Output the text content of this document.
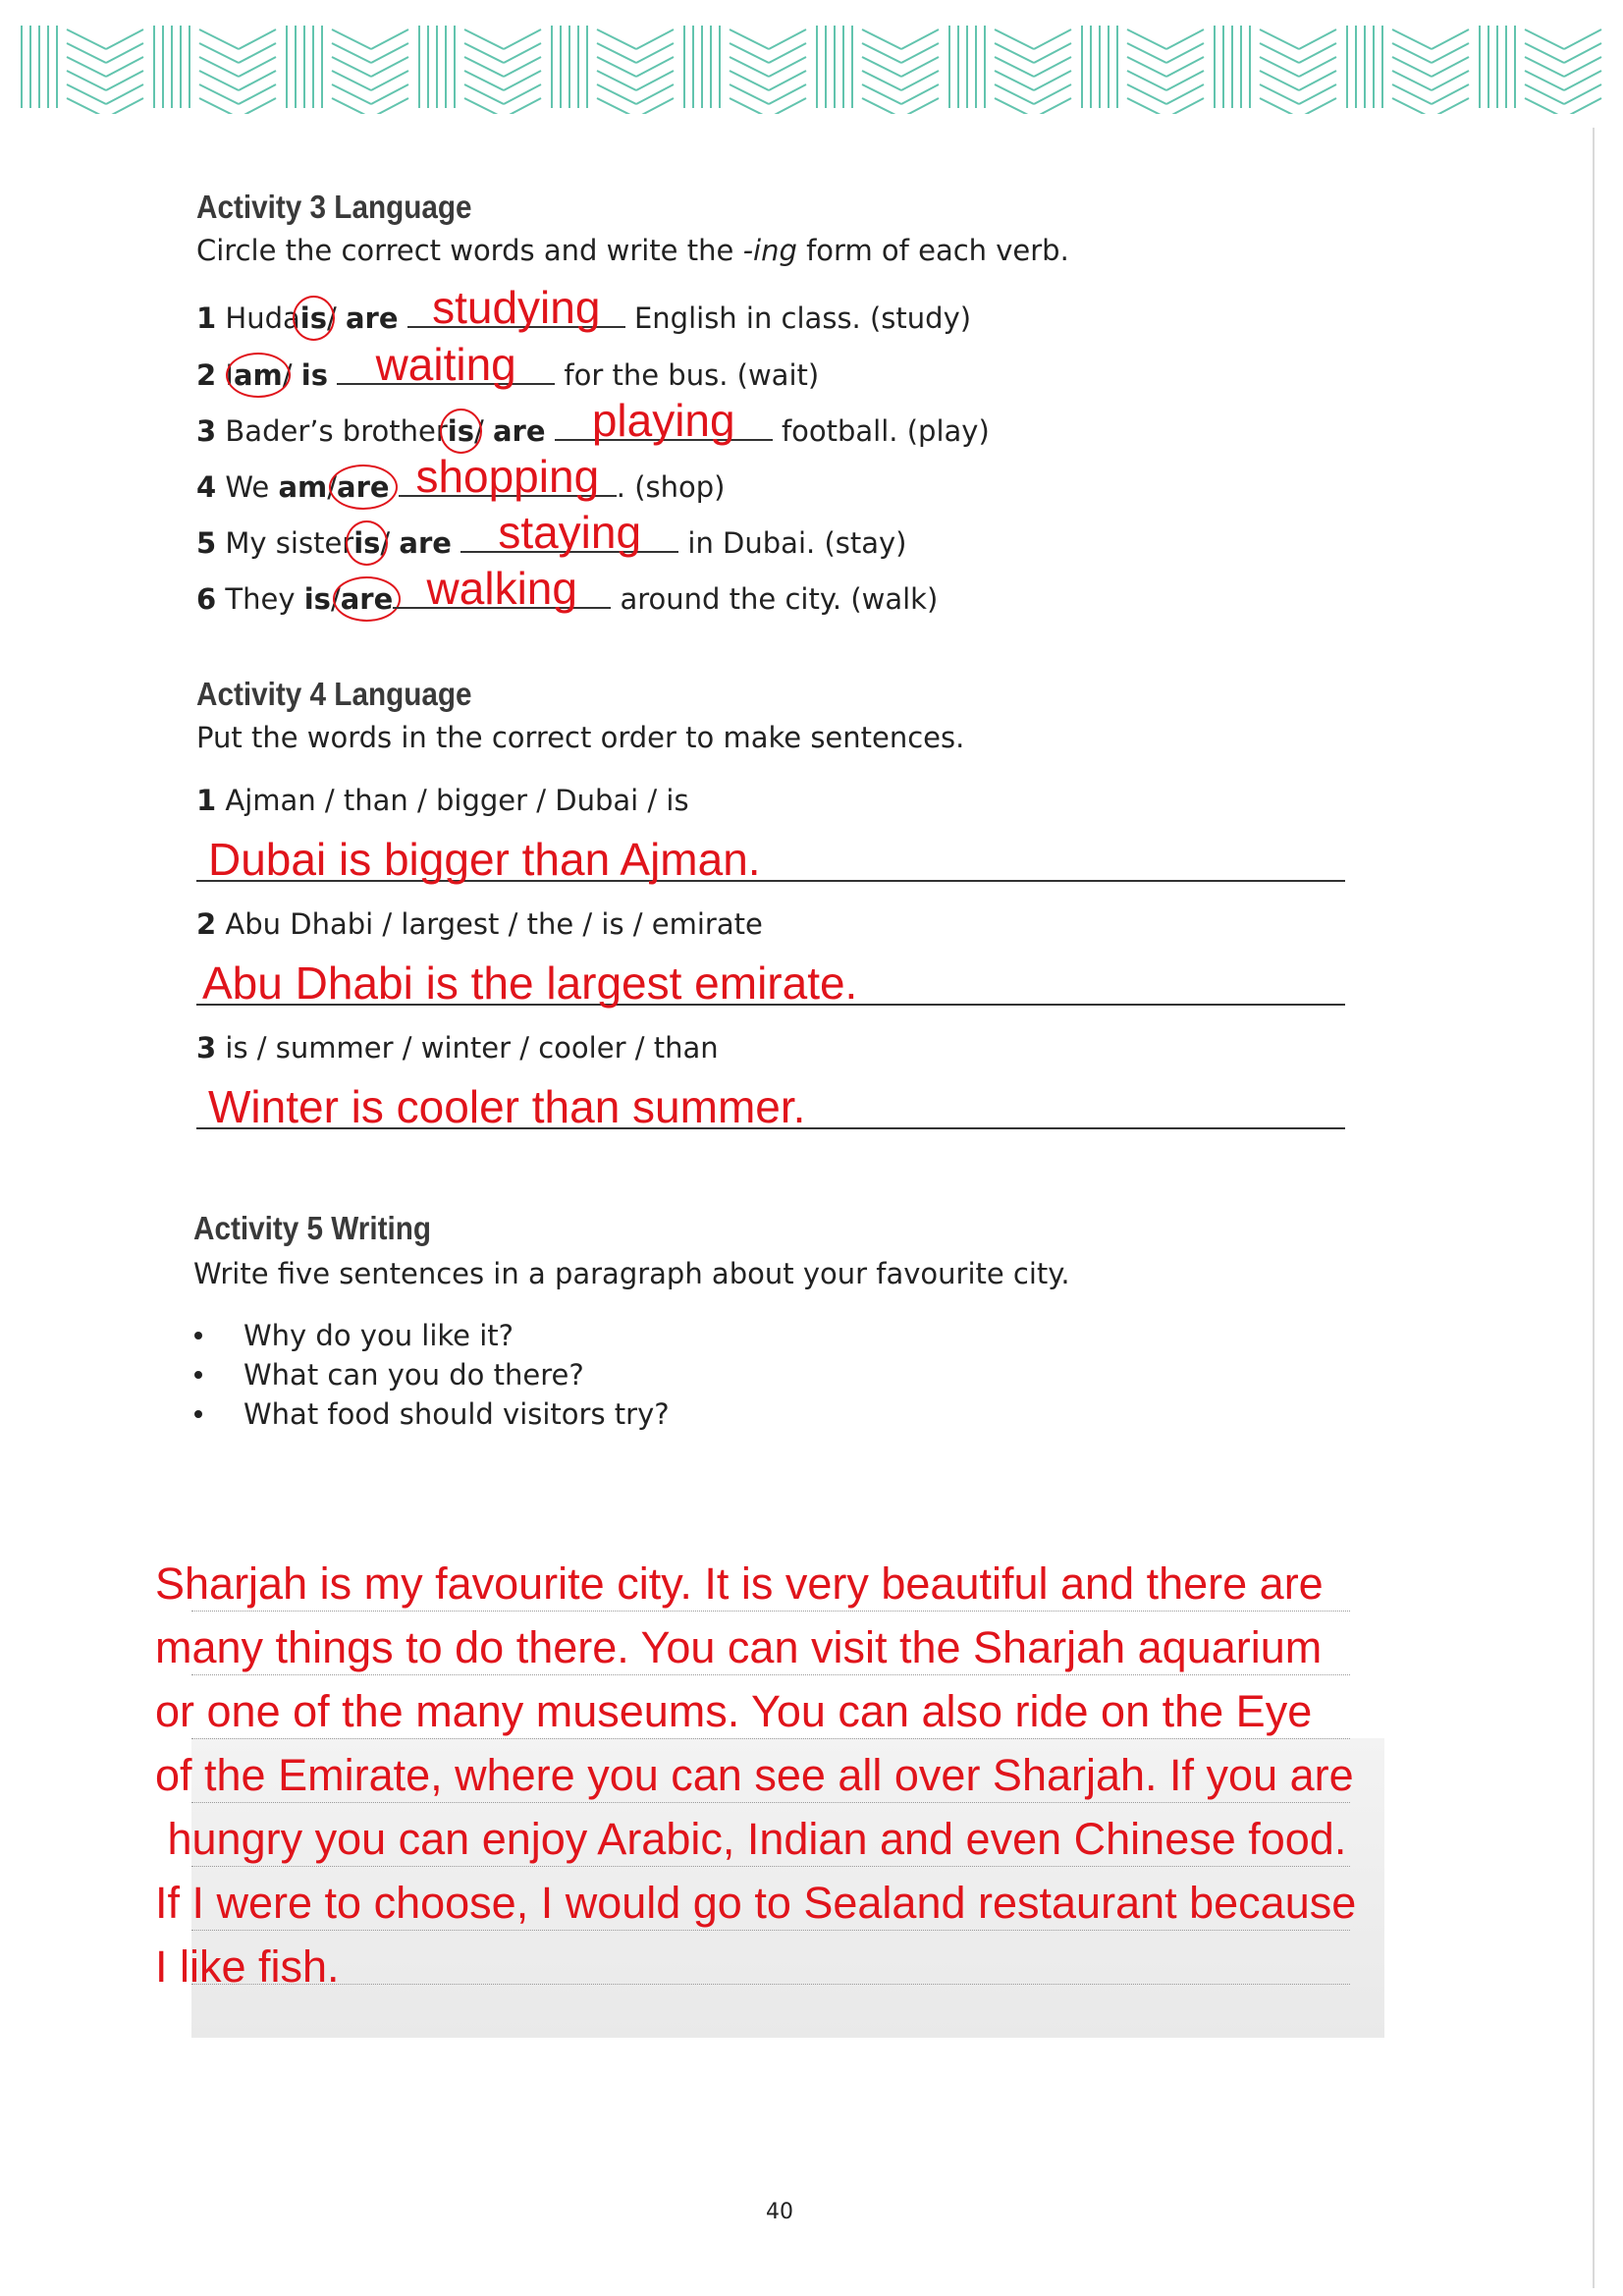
Activity 3 Language
Circle the correct words and write the -ing form of each verb.
1 Hudais/ are studying	English in class. (study)
2 Iam/ is	waiting	for the bus. (wait)
3 Bader’s brotheris/ are	playing	football. (play)
4 We am/are shopping . (shop)
5 My sisteris/ are	staying	in Dubai. (stay)
6 They is/are walking	around the city. (walk)
Activity 4 Language
Put the words in the correct order to make sentences.
1 Ajman / than / bigger / Dubai / is
Dubai is bigger than Ajman.
2 Abu Dhabi / largest / the / is / emirate
Abu Dhabi is the largest emirate.
3 is / summer / winter / cooler / than
Winter is cooler than summer.
Activity 5 Writing
Write five sentences in a paragraph about your favourite city.
Why do you like it?
What can you do there?
What food should visitors try?
Sharjah is my favourite city. It is very beautiful and there are
many things to do there. You can visit the Sharjah aquarium
or one of the many museums. You can also ride on the Eye
of the Emirate, where you can see all over Sharjah. If you are
hungry you can enjoy Arabic, Indian and even Chinese food.
If I were to choose, I would go to Sealand restaurant because
I like fish.
40
